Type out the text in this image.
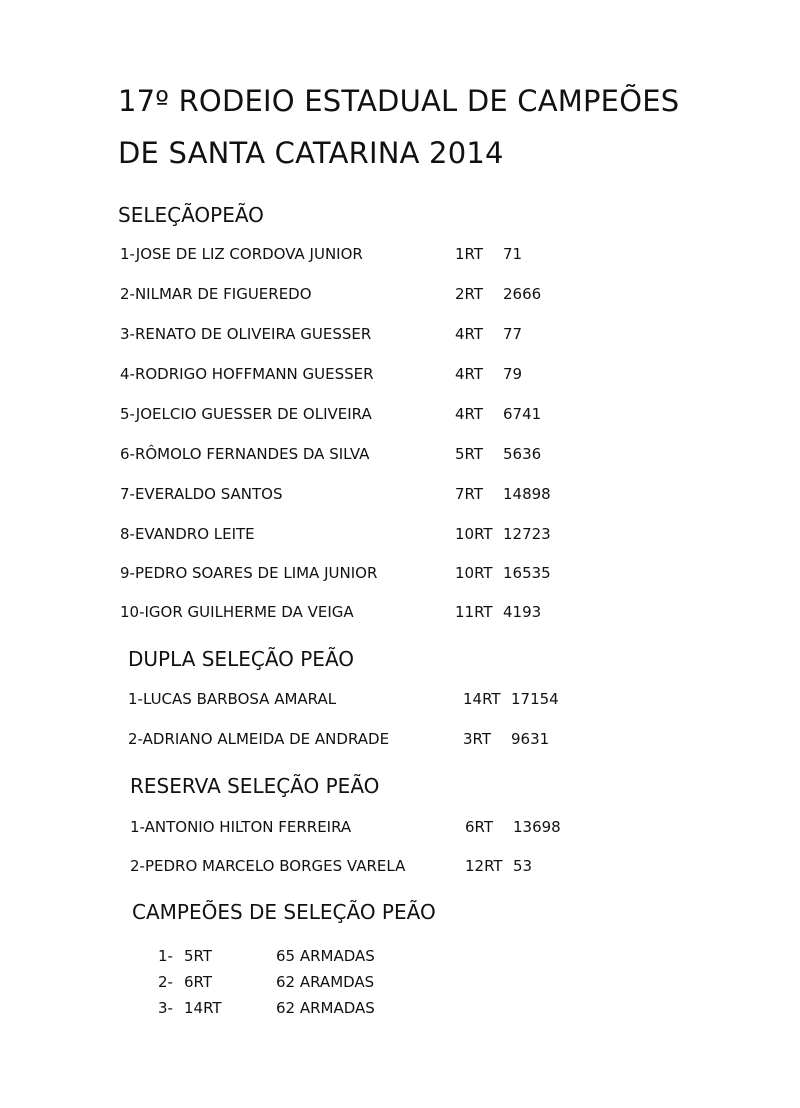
17º RODEIO ESTADUAL DE CAMPEÕES
DE SANTA CATARINA 2014
SELEÇÃOPEÃO
1-JOSE DE LIZ CORDOVA JUNIOR	1RT 71
2-NILMAR DE FIGUEREDO	2RT 2666
3-RENATO DE OLIVEIRA GUESSER	4RT 77
4-RODRIGO HOFFMANN GUESSER	4RT 79
5-JOELCIO GUESSER DE OLIVEIRA	4RT 6741
6-RÔMOLO FERNANDES DA SILVA	5RT 5636
7-EVERALDO SANTOS	7RT 14898
8-EVANDRO LEITE	10RT 12723
9-PEDRO SOARES DE LIMA JUNIOR	10RT 16535
10-IGOR GUILHERME DA VEIGA	11RT 4193
DUPLA SELEÇÃO PEÃO
1-LUCAS BARBOSA AMARAL	14RT 17154
2-ADRIANO ALMEIDA DE ANDRADE	3RT 9631
RESERVA SELEÇÃO PEÃO
1-ANTONIO HILTON FERREIRA	6RT 13698
2-PEDRO MARCELO BORGES VARELA	12RT 53
CAMPEÕES DE SELEÇÃO PEÃO
1- 5RT	65 ARMADAS
2- 6RT	62 ARAMDAS
3- 14RT	62 ARMADAS
